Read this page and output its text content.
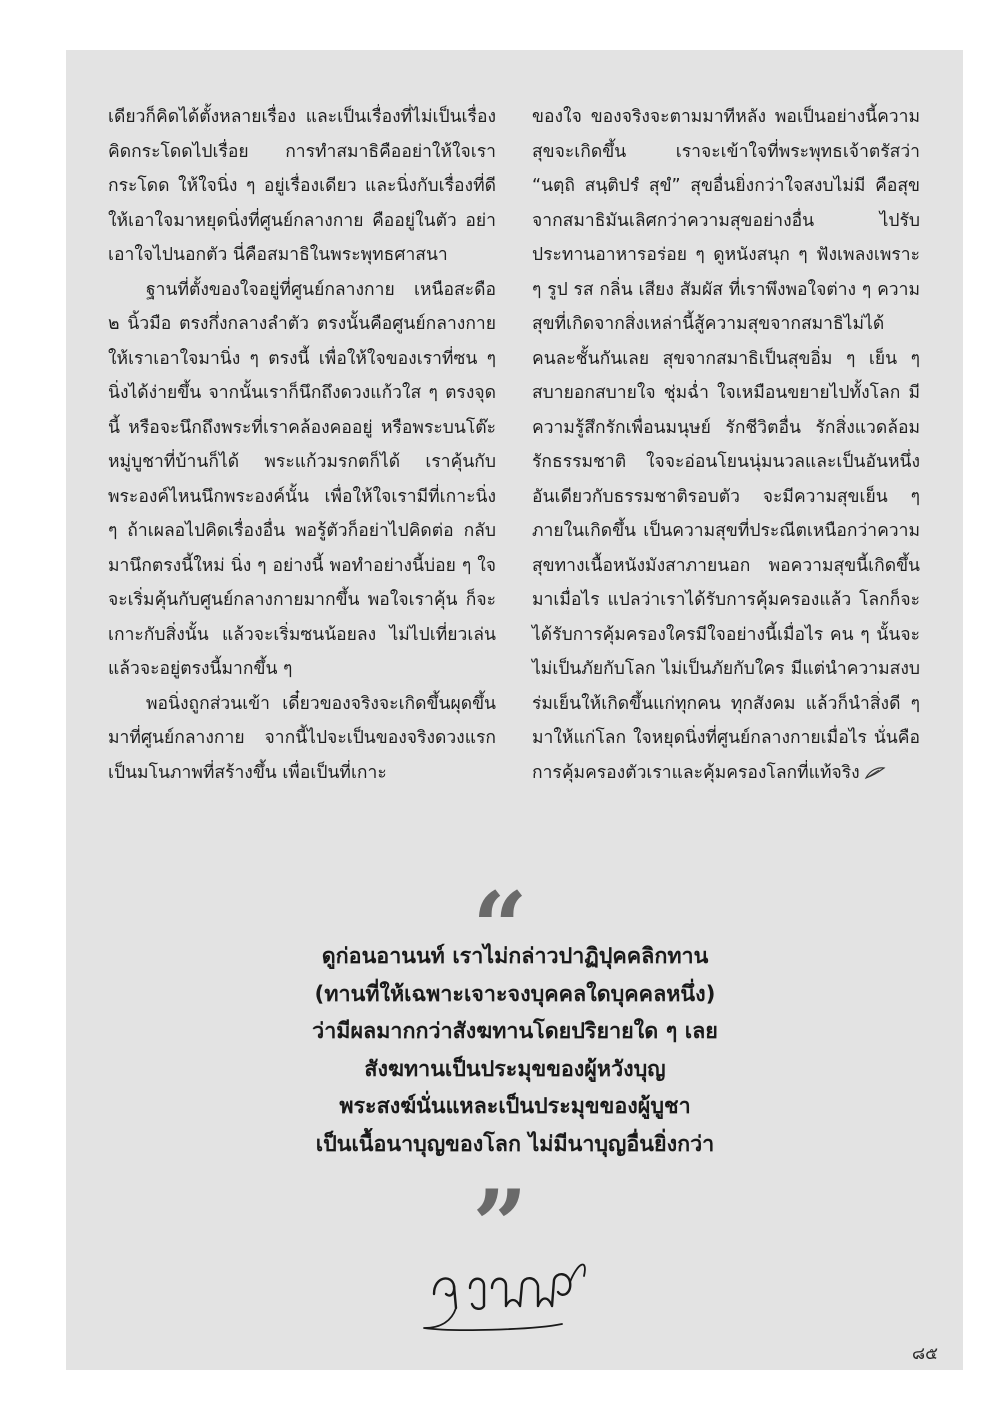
เดียวก็คิดได้ตั้งหลายเรื่อง และเป็นเรื่องที่ไม่เป็นเรื่อง คิดกระโดดไปเรื่อย การทำสมาธิคืออย่าให้ใจเรากระโดด ให้ใจนิ่ง ๆ อยู่เรื่องเดียว และนิ่งกับเรื่องที่ดี ให้เอาใจมาหยุดนิ่งที่ศูนย์กลางกาย คืออยู่ในตัว อย่าเอาใจไปนอกตัว นี่คือสมาธิในพระพุทธศาสนา

ฐานที่ตั้งของใจอยู่ที่ศูนย์กลางกาย เหนือสะดือ ๒ นิ้วมือ ตรงกึ่งกลางลำตัว ตรงนั้นคือศูนย์กลางกาย ให้เราเอาใจมานิ่ง ๆ ตรงนี้ เพื่อให้ใจของเราที่ซน ๆ นิ่งได้ง่ายขึ้น จากนั้นเราก็นึกถึงดวงแก้วใส ๆ ตรงจุดนี้ หรือจะนึกถึงพระที่เราคล้องคออยู่ หรือพระบนโต๊ะหมู่บูชาที่บ้านก็ได้ พระแก้วมรกตก็ได้ เราคุ้นกับพระองค์ไหนนึกพระองค์นั้น เพื่อให้ใจเรามีที่เกาะนิ่ง ๆ ถ้าเผลอไปคิดเรื่องอื่น พอรู้ตัวก็อย่าไปคิดต่อ กลับมานึกตรงนี้ใหม่ นิ่ง ๆ อย่างนี้ พอทำอย่างนี้บ่อย ๆ ใจจะเริ่มคุ้นกับศูนย์กลางกายมากขึ้น พอใจเราคุ้น ก็จะเกาะกับสิ่งนั้น แล้วจะเริ่มซนน้อยลง ไม่ไปเที่ยวเล่นแล้วจะอยู่ตรงนี้มากขึ้น ๆ

พอนิ่งถูกส่วนเข้า เดี๋ยวของจริงจะเกิดขึ้นผุดขึ้นมาที่ศูนย์กลางกาย จากนี้ไปจะเป็นของจริงดวงแรกเป็นมโนภาพที่สร้างขึ้น เพื่อเป็นที่เกาะ

ของใจ ของจริงจะตามมาทีหลัง พอเป็นอย่างนี้ความสุขจะเกิดขึ้น เราจะเข้าใจที่พระพุทธเจ้าตรัสว่า “นตฺถิ สนฺติปรํ สุขํ” สุขอื่นยิ่งกว่าใจสงบไม่มี คือสุขจากสมาธิมันเลิศกว่าความสุขอย่างอื่น ไปรับประทานอาหารอร่อย ๆ ดูหนังสนุก ๆ ฟังเพลงเพราะ ๆ รูป รส กลิ่น เสียง สัมผัส ที่เราพึงพอใจต่าง ๆ ความสุขที่เกิดจากสิ่งเหล่านี้สู้ความสุขจากสมาธิไม่ได้ คนละชั้นกันเลย สุขจากสมาธิเป็นสุขอิ่ม ๆ เย็น ๆ สบายอกสบายใจ ชุ่มฉ่ำ ใจเหมือนขยายไปทั้งโลก มีความรู้สึกรักเพื่อนมนุษย์ รักชีวิตอื่น รักสิ่งแวดล้อม รักธรรมชาติ ใจจะอ่อนโยนนุ่มนวลและเป็นอันหนึ่งอันเดียวกับธรรมชาติรอบตัว จะมีความสุขเย็น ๆ ภายในเกิดขึ้น เป็นความสุขที่ประณีตเหนือกว่าความสุขทางเนื้อหนังมังสาภายนอก พอความสุขนี้เกิดขึ้นมาเมื่อไร แปลว่าเราได้รับการคุ้มครองแล้ว โลกก็จะได้รับการคุ้มครองใครมีใจอย่างนี้เมื่อไร คน ๆ นั้นจะไม่เป็นภัยกับโลก ไม่เป็นภัยกับใคร มีแต่นำความสงบร่มเย็นให้เกิดขึ้นแก่ทุกคน ทุกสังคม แล้วก็นำสิ่งดี ๆ มาให้แก่โลก ใจหยุดนิ่งที่ศูนย์กลางกายเมื่อไร นั่นคือการคุ้มครองตัวเราและคุ้มครองโลกที่แท้จริง

“
ดูก่อนอานนท์ เราไม่กล่าวปาฏิปุคคลิกทาน
(ทานที่ให้เฉพาะเจาะจงบุคคลใดบุคคลหนึ่ง)
ว่ามีผลมากกว่าสังฆทานโดยปริยายใด ๆ เลย
สังฆทานเป็นประมุขของผู้หวังบุญ
พระสงฆ์นั่นแหละเป็นประมุขของผู้บูชา
เป็นเนื้อนาบุญของโลก ไม่มีนาบุญอื่นยิ่งกว่า
”
๘๕
